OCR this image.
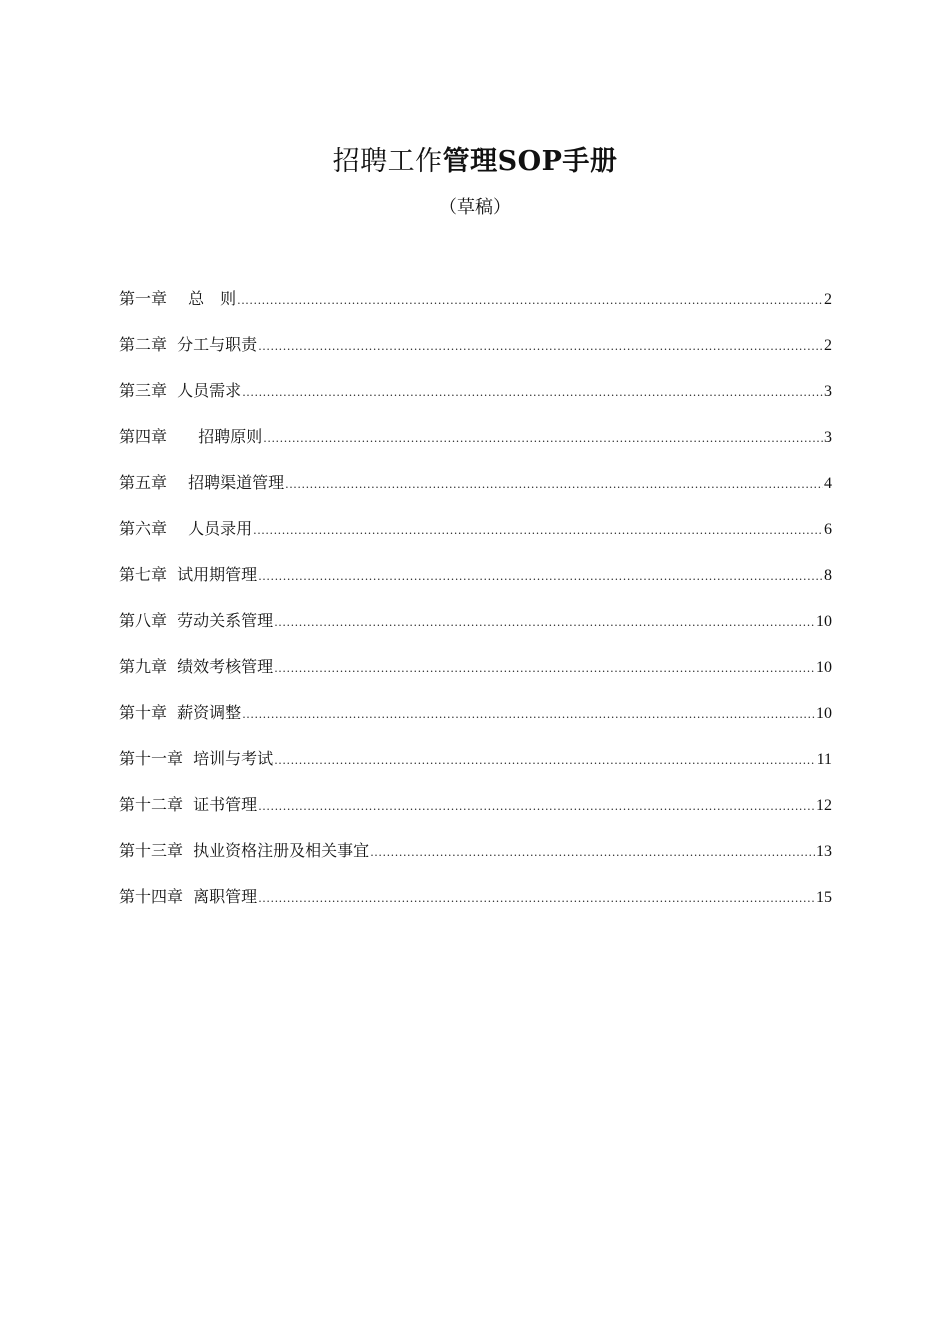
招聘工作管理SOP手册
（草稿）
第一章　 总　则 .....	2
第二章  分工与职责 .....	2
第三章  人员需求 .....	3
第四章 　  招聘原则 .....	3
第五章 　招聘渠道管理 .....	4
第六章 　人员录用 .....	6
第七章  试用期管理 .....	8
第八章  劳动关系管理 .....	10
第九章  绩效考核管理 .....	10
第十章  薪资调整 .....	10
第十一章  培训与考试 .....	11
第十二章  证书管理 .....	12
第十三章  执业资格注册及相关事宜 .....	13
第十四章  离职管理 .....	15
